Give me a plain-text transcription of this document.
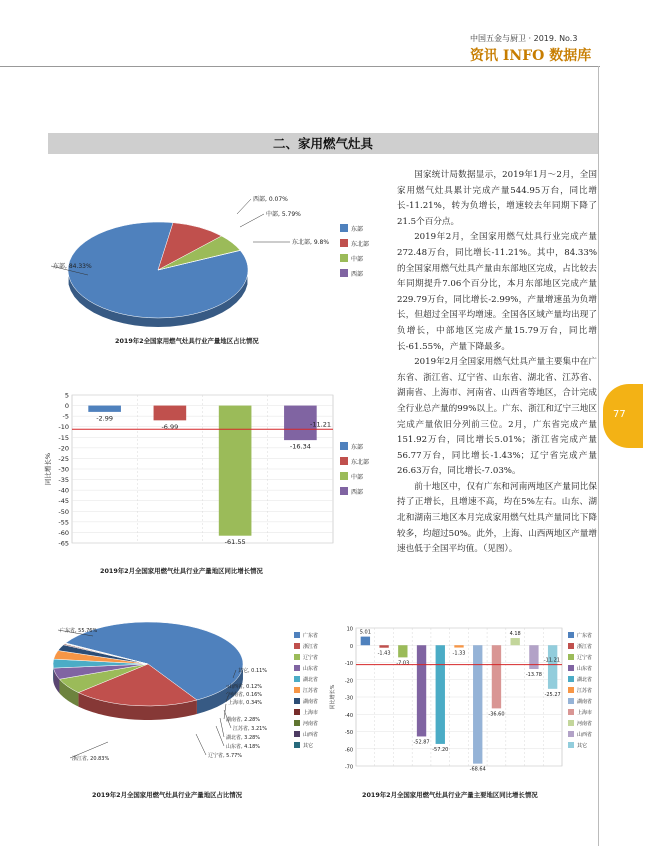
中国五金与厨卫 · 2019. No.3
资讯 INFO 数据库
77
二、家用燃气灶具

国家统计局数据显示，2019年1月～2月，全国家用燃气灶具累计完成产量544.95万台，同比增长-11.21%，转为负增长，增速较去年同期下降了21.5个百分点。

2019年2月，全国家用燃气灶具行业完成产量272.48万台，同比增长-11.21%。其中，84.33%的全国家用燃气灶具产量由东部地区完成，占比较去年同期提升7.06个百分比，本月东部地区完成产量229.79万台，同比增长-2.99%，产量增速虽为负增长，但超过全国平均增速。全国各区域产量均出现了负增长，中部地区完成产量15.79万台，同比增长-61.55%，产量下降最多。

2019年2月全国家用燃气灶具产量主要集中在广东省、浙江省、辽宁省、山东省、湖北省、江苏省、湖南省、上海市、河南省、山西省等地区，合计完成全行业总产量的99%以上。广东、浙江和辽宁三地区完成产量依旧分列前三位。2月，广东省完成产量151.92万台，同比增长5.01%；浙江省完成产量56.77万台，同比增长-1.43%；辽宁省完成产量26.63万台，同比增长-7.03%。

前十地区中，仅有广东和河南两地区产量同比保持了正增长，且增速不高，均在5%左右。山东、湖北和湖南三地区本月完成家用燃气灶具产量同比下降较多，均超过50%。此外，上海、山西两地区产量增速也低于全国平均值。（见图）。

东部, 84.33%
东北部, 9.8%
中部, 5.79%
西部, 0.07%
东部
东北部
中部
西部
2019年2全国家用燃气灶具行业产量地区占比情况
5
0
-5
-10
-15
-20
-25
-30
-35
-40
-45
-50
-55
-60
-65
同比增长%
-2.99
-6.99
-61.55
-16.34
-11.21
东部
东北部
中部
西部
2019年2月全国家用燃气灶具行业产量地区同比增长情况
广东省, 55.76%
浙江省, 20.83%	辽宁省, 5.77%
山东省, 4.18%
湖北省, 3.28%
江苏省, 3.21%
湖南省, 2.28%
上海市, 0.34%
河南省, 0.16%
山西省, 0.12%
其它, 0.11%
广东省
浙江省
辽宁省
山东省
湖北省
江苏省
湖南省
上海市
河南省
山西省
其它
2019年2月全国家用燃气灶具行业产量地区占比情况
10
0
-10
-20
-30
-40
-50
-60
-70
同比增长%
5.01
-1.43
-7.03
-52.87
-57.20
-1.33
-68.64
-36.60
4.18
-13.78
-25.27
-11.21
广东省
浙江省
辽宁省
山东省
湖北省
江苏省
湖南省
上海市
河南省
山西省
其它
2019年2月全国家用燃气灶具行业产量主要地区同比增长情况
